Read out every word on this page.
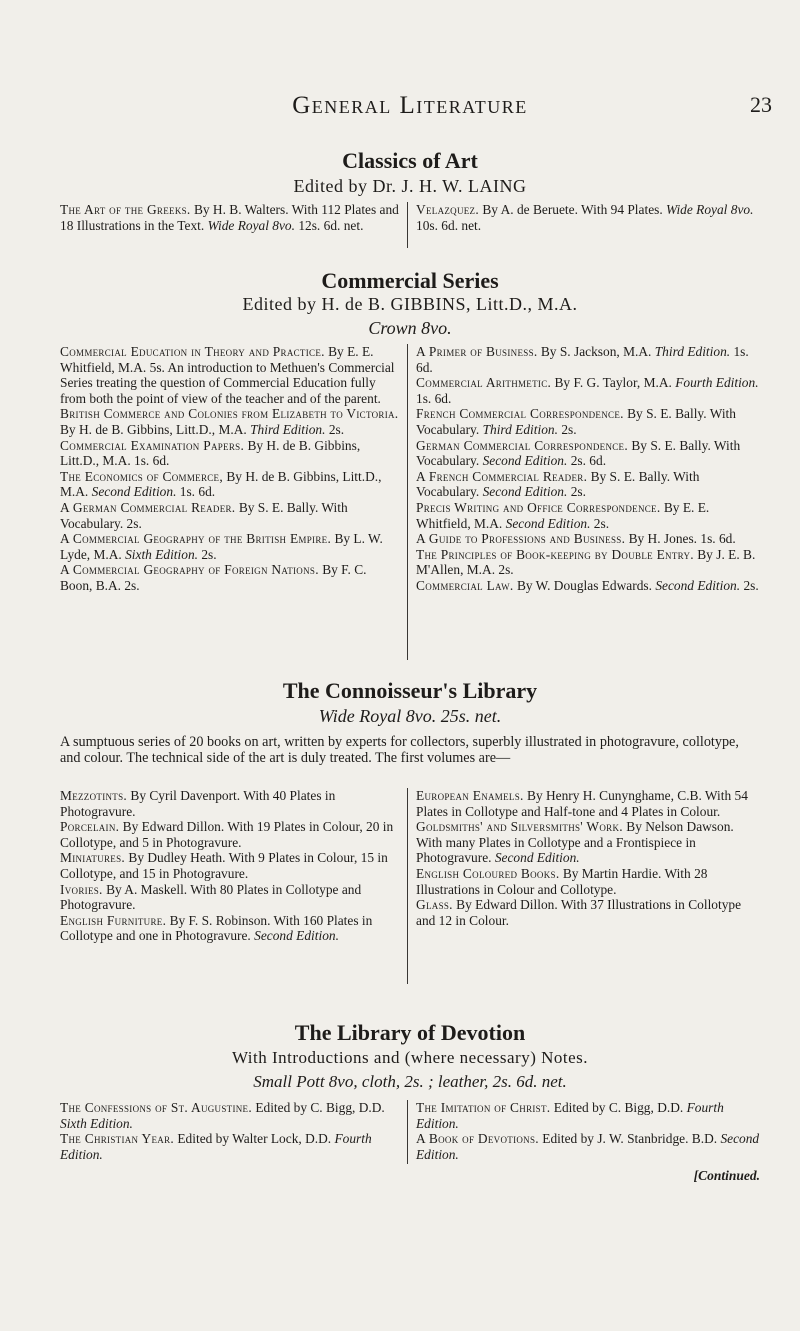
General Literature	23
Classics of Art
Edited by Dr. J. H. W. LAING

The Art of the Greeks. By H. B. Walters. With 112 Plates and 18 Illustrations in the Text. Wide Royal 8vo. 12s. 6d. net.

Velazquez. By A. de Beruete. With 94 Plates. Wide Royal 8vo. 10s. 6d. net.

Commercial Series
Edited by H. de B. GIBBINS, Litt.D., M.A.
Crown 8vo.

Commercial Education in Theory and Practice. By E. E. Whitfield, M.A. 5s. An introduction to Methuen's Commercial Series treating the question of Commercial Education fully from both the point of view of the teacher and of the parent.

British Commerce and Colonies from Elizabeth to Victoria. By H. de B. Gibbins, Litt.D., M.A. Third Edition. 2s.

Commercial Examination Papers. By H. de B. Gibbins, Litt.D., M.A. 1s. 6d.

The Economics of Commerce, By H. de B. Gibbins, Litt.D., M.A. Second Edition. 1s. 6d.

A German Commercial Reader. By S. E. Bally. With Vocabulary. 2s.

A Commercial Geography of the British Empire. By L. W. Lyde, M.A. Sixth Edition. 2s.

A Commercial Geography of Foreign Nations. By F. C. Boon, B.A. 2s.

A Primer of Business. By S. Jackson, M.A. Third Edition. 1s. 6d.

Commercial Arithmetic. By F. G. Taylor, M.A. Fourth Edition. 1s. 6d.

French Commercial Correspondence. By S. E. Bally. With Vocabulary. Third Edition. 2s.

German Commercial Correspondence. By S. E. Bally. With Vocabulary. Second Edition. 2s. 6d.

A French Commercial Reader. By S. E. Bally. With Vocabulary. Second Edition. 2s.

Precis Writing and Office Correspondence. By E. E. Whitfield, M.A. Second Edition. 2s.

A Guide to Professions and Business. By H. Jones. 1s. 6d.

The Principles of Book-keeping by Double Entry. By J. E. B. M'Allen, M.A. 2s.

Commercial Law. By W. Douglas Edwards. Second Edition. 2s.

The Connoisseur's Library
Wide Royal 8vo. 25s. net.
A sumptuous series of 20 books on art, written by experts for collectors, superbly illustrated in photogravure, collotype, and colour. The technical side of the art is duly treated. The first volumes are—

Mezzotints. By Cyril Davenport. With 40 Plates in Photogravure.

Porcelain. By Edward Dillon. With 19 Plates in Colour, 20 in Collotype, and 5 in Photogravure.

Miniatures. By Dudley Heath. With 9 Plates in Colour, 15 in Collotype, and 15 in Photogravure.

Ivories. By A. Maskell. With 80 Plates in Collotype and Photogravure.

English Furniture. By F. S. Robinson. With 160 Plates in Collotype and one in Photogravure. Second Edition.

European Enamels. By Henry H. Cunynghame, C.B. With 54 Plates in Collotype and Half-tone and 4 Plates in Colour.

Goldsmiths' and Silversmiths' Work. By Nelson Dawson. With many Plates in Collotype and a Frontispiece in Photogravure. Second Edition.

English Coloured Books. By Martin Hardie. With 28 Illustrations in Colour and Collotype.

Glass. By Edward Dillon. With 37 Illustrations in Collotype and 12 in Colour.

The Library of Devotion
With Introductions and (where necessary) Notes.
Small Pott 8vo, cloth, 2s. ; leather, 2s. 6d. net.

The Confessions of St. Augustine. Edited by C. Bigg, D.D. Sixth Edition.

The Christian Year. Edited by Walter Lock, D.D. Fourth Edition.

The Imitation of Christ. Edited by C. Bigg, D.D. Fourth Edition.

A Book of Devotions. Edited by J. W. Stanbridge. B.D. Second Edition.

[Continued.
